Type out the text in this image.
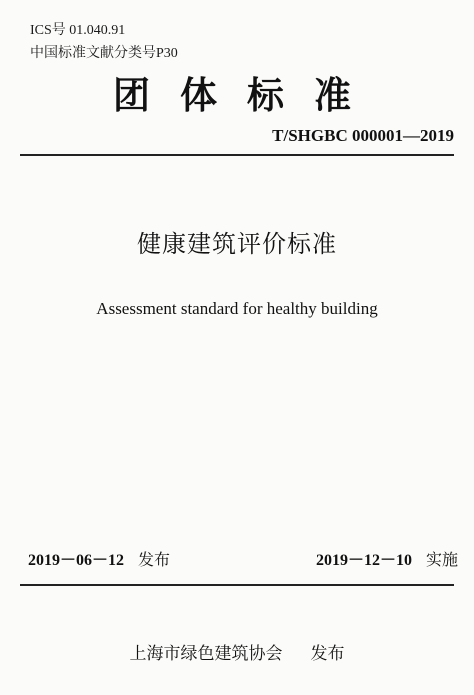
ICS号 01.040.91
中国标准文献分类号P30
团体标准
T/SHGBC 000001—2019
健康建筑评价标准
Assessment standard for healthy building
2019－06－12 发布	2019－12－10 实施
上海市绿色建筑协会 发布
